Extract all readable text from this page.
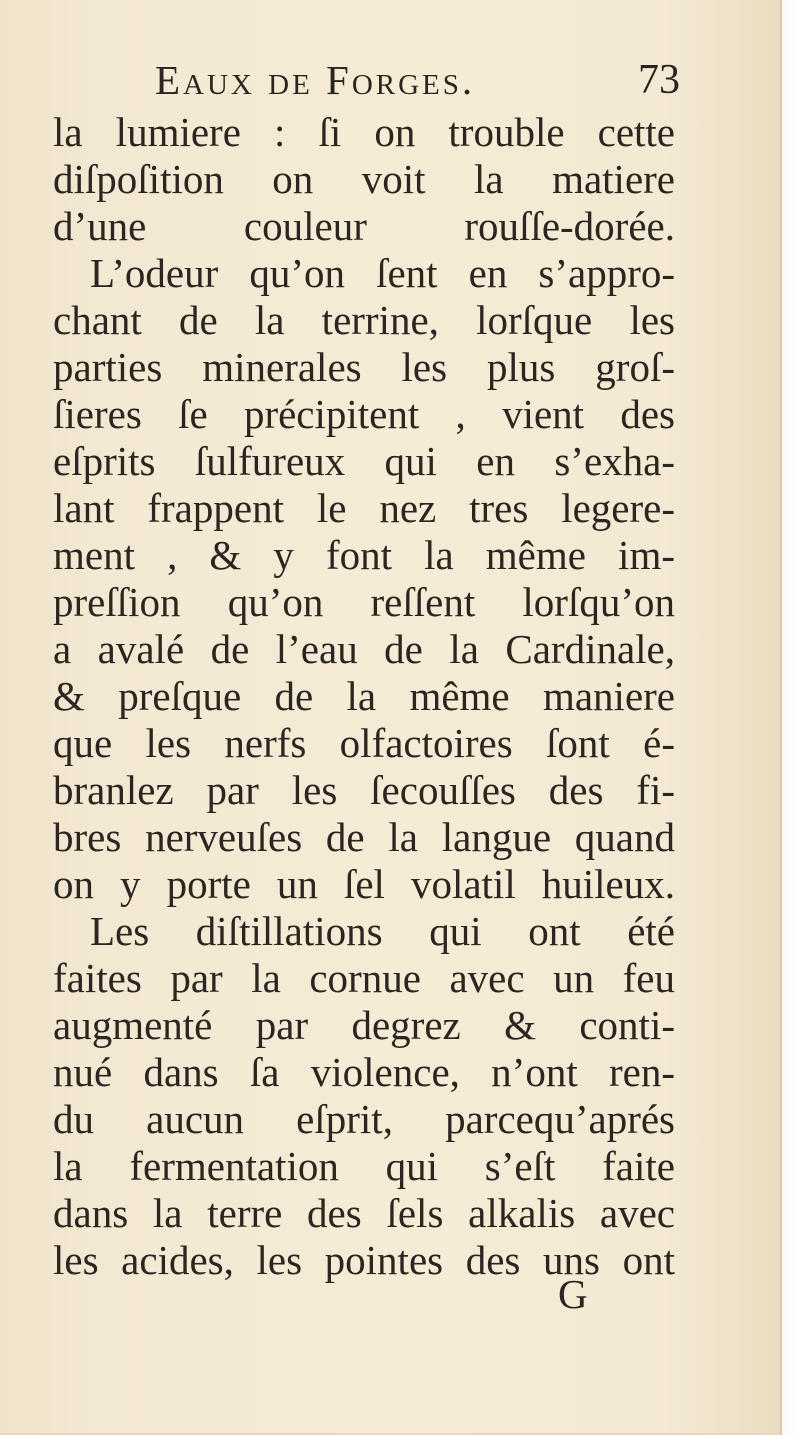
Eaux de Forges.	73
la lumiere : ſi on trouble cette
diſpoſition on voit la matiere
d’une couleur rouſſe-dorée.
L’odeur qu’on ſent en s’appro-
chant de la terrine, lorſque les
parties minerales les plus groſ-
ſieres ſe précipitent , vient des
eſprits ſulfureux qui en s’exha-
lant frappent le nez tres legere-
ment , & y font la même im-
preſſion qu’on reſſent lorſqu’on
a avalé de l’eau de la Cardinale,
& preſque de la même maniere
que les nerfs olfactoires ſont é-
branlez par les ſecouſſes des fi-
bres nerveuſes de la langue quand
on y porte un ſel volatil huileux.
Les diſtillations qui ont été
faites par la cornue avec un feu
augmenté par degrez & conti-
nué dans ſa violence, n’ont ren-
du aucun eſprit, parcequ’aprés
la fermentation qui s’eſt faite
dans la terre des ſels alkalis avec
les acides, les pointes des uns ont
G
